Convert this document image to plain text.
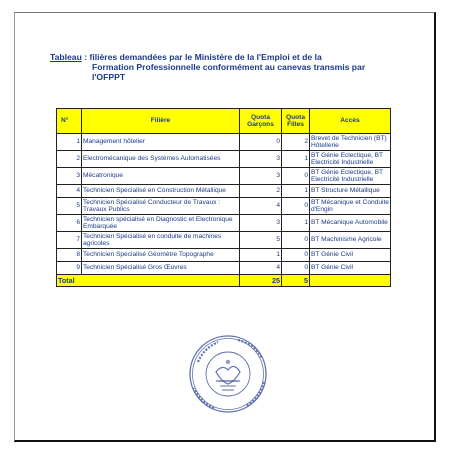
Tableau : filières demandées par le Ministère de la l'Emploi et de la
Formation Professionnelle conformément au canevas transmis par
l'OFPPT
N°	Filière	Quota Garçons	Quota Filles	Accès
1	Management hôtelier	0	2	Brevet de Technicien (BT) Hôtellerie
2	Electromécanique des Systèmes Automatisées	3	1	BT Génie Eclectique, BT Electricité Industrielle
3	Mécatronique	3	0	BT Génie Eclectique, BT Electricité Industrielle
4	Technicien Spécialisé en Construction Métallique	2	1	BT Structure Métallique
5	Technicien Spécialisé Conducteur de Travaux : Travaux Publics	4	0	BT Mécanique et Conduite d'Engin
6	Technicien spécialisé en Diagnostic et Electronique Embarquée	3	1	BT Mécanique Automobile
7	Technicien Spécialisé en conduite de machines agricoles	5	0	BT Machinisme Agricole
8	Technicien Spécialisé Géomètre Topographe	1	0	BT Génie Civil
9	Technicien Spécialisé Gros Œuvres	4	0	BT Génie Civil
Total		25	5	
